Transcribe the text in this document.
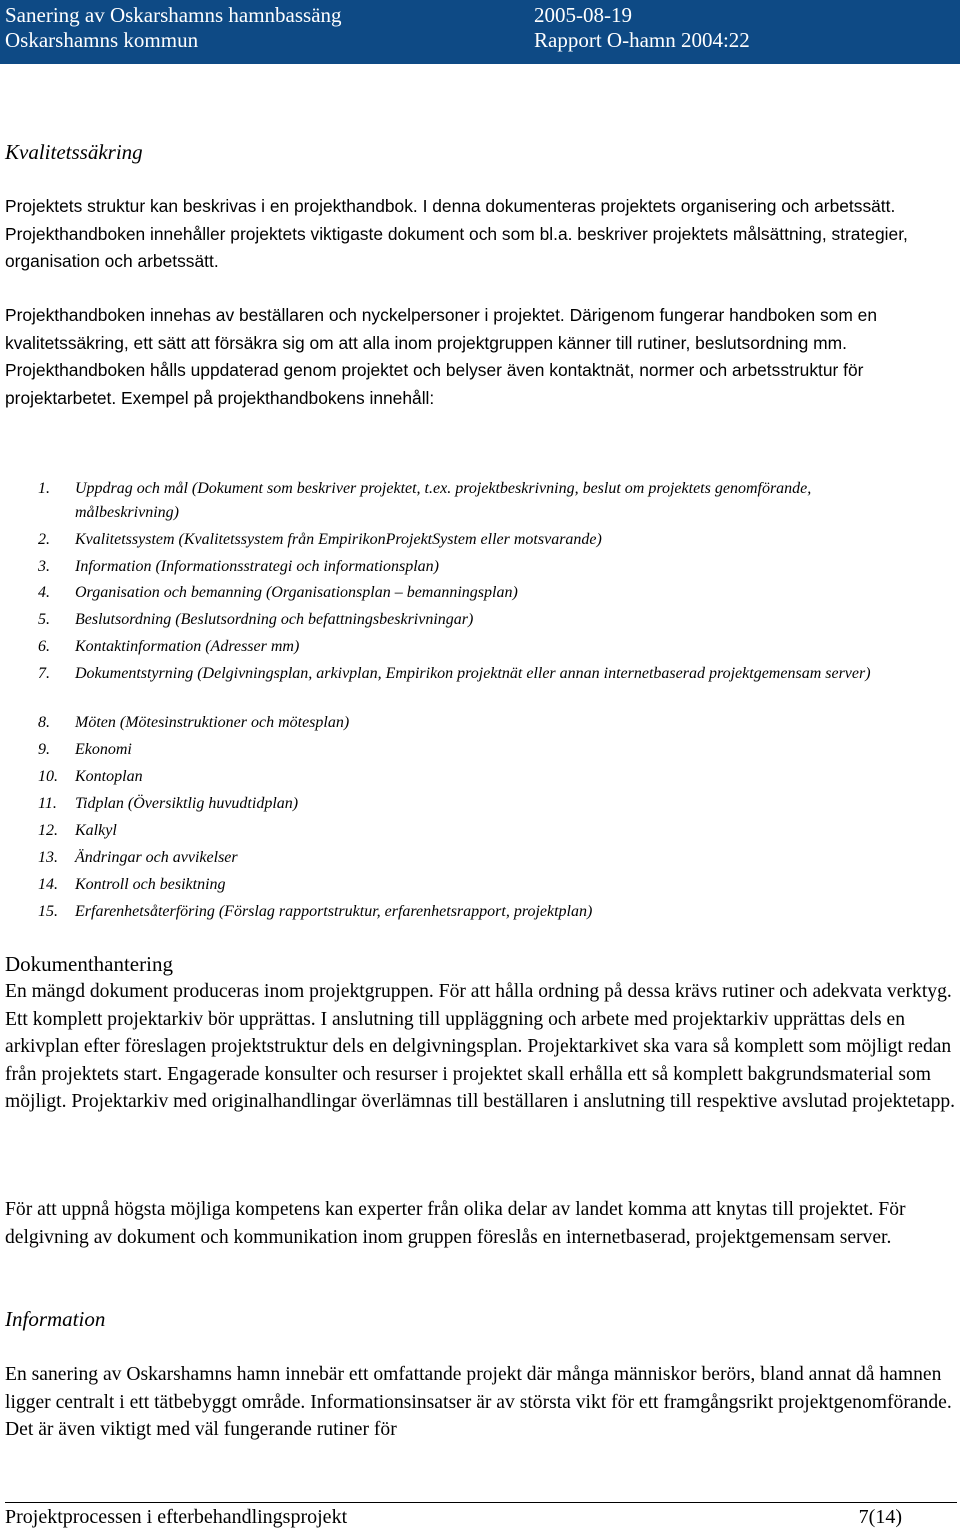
Sanering av Oskarshamns hamnbassäng	2005-08-19
Oskarshamns kommun	Rapport O-hamn 2004:22
Kvalitetssäkring
Projektets struktur kan beskrivas i en projekthandbok. I denna dokumenteras projektets organisering och arbetssätt. Projekthandboken innehåller projektets viktigaste dokument och som bl.a. beskriver projektets målsättning, strategier, organisation och arbetssätt.
Projekthandboken innehas av beställaren och nyckelpersoner i projektet. Därigenom fungerar handboken som en kvalitetssäkring, ett sätt att försäkra sig om att alla inom projektgruppen känner till rutiner, beslutsordning mm. Projekthandboken hålls uppdaterad genom projektet och belyser även kontaktnät, normer och arbetsstruktur för projektarbetet. Exempel på projekthandbokens innehåll:
1. Uppdrag och mål (Dokument som beskriver projektet, t.ex. projektbeskrivning, beslut om projektets genomförande, målbeskrivning)
2. Kvalitetssystem (Kvalitetssystem från EmpirikonProjektSystem eller motsvarande)
3. Information (Informationsstrategi och informationsplan)
4. Organisation och bemanning (Organisationsplan – bemanningsplan)
5. Beslutsordning (Beslutsordning och befattningsbeskrivningar)
6. Kontaktinformation (Adresser mm)
7. Dokumentstyrning (Delgivningsplan, arkivplan, Empirikon projektnät eller annan internetbaserad projektgemensam server)
8. Möten (Mötesinstruktioner och mötesplan)
9. Ekonomi
10. Kontoplan
11. Tidplan (Översiktlig huvudtidplan)
12. Kalkyl
13. Ändringar och avvikelser
14. Kontroll och besiktning
15. Erfarenhetsåterföring (Förslag rapportstruktur, erfarenhetsrapport, projektplan)
Dokumenthantering
En mängd dokument produceras inom projektgruppen. För att hålla ordning på dessa krävs rutiner och adekvata verktyg. Ett komplett projektarkiv bör upprättas. I anslutning till uppläggning och arbete med projektarkiv upprättas dels en arkivplan efter föreslagen projektstruktur dels en delgivningsplan. Projektarkivet ska vara så komplett som möjligt redan från projektets start. Engagerade konsulter och resurser i projektet skall erhålla ett så komplett bakgrundsmaterial som möjligt. Projektarkiv med originalhandlingar överlämnas till beställaren i anslutning till respektive avslutad projektetapp.
För att uppnå högsta möjliga kompetens kan experter från olika delar av landet komma att knytas till projektet. För delgivning av dokument och kommunikation inom gruppen föreslås en internetbaserad, projektgemensam server.
Information
En sanering av Oskarshamns hamn innebär ett omfattande projekt där många människor berörs, bland annat då hamnen ligger centralt i ett tätbebyggt område. Informationsinsatser är av största vikt för ett framgångsrikt projektgenomförande. Det är även viktigt med väl fungerande rutiner för
Projektprocessen i efterbehandlingsprojekt	7(14)
